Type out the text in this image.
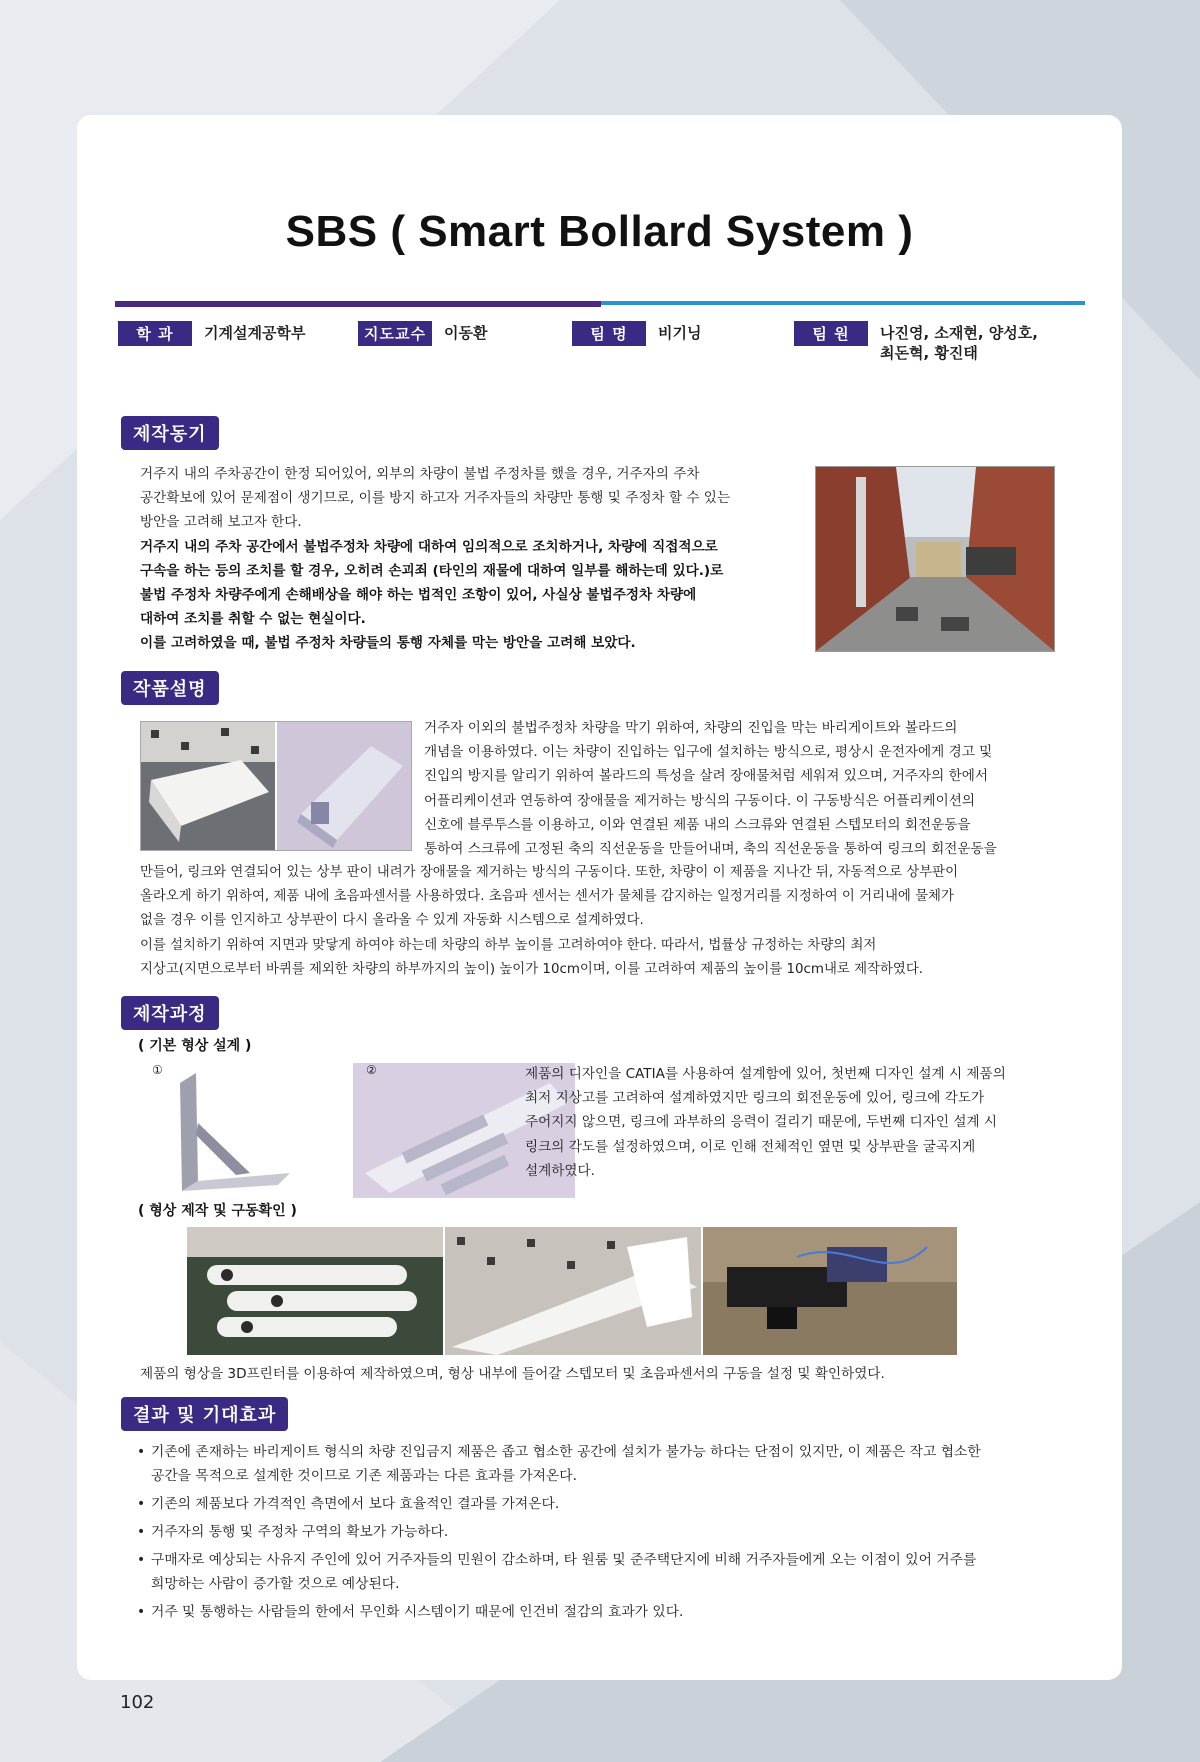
SBS ( Smart Bollard System )
학 과 기계설계공학부	지도교수 이동환	팀 명 비기닝	팀 원 나진영, 소재현, 양성호,
최돈혁, 황진태
제작동기
거주지 내의 주차공간이 한정 되어있어, 외부의 차량이 불법 주정차를 했을 경우, 거주자의 주차
공간확보에 있어 문제점이 생기므로, 이를 방지 하고자 거주자들의 차량만 통행 및 주정차 할 수 있는
방안을 고려해 보고자 한다.
거주지 내의 주차 공간에서 불법주정차 차량에 대하여 임의적으로 조치하거나, 차량에 직접적으로
구속을 하는 등의 조치를 할 경우, 오히려 손괴죄 (타인의 재물에 대하여 일부를 해하는데 있다.)로
불법 주정차 차량주에게 손해배상을 해야 하는 법적인 조항이 있어, 사실상 불법주정차 차량에
대하여 조치를 취할 수 없는 현실이다.
이를 고려하였을 때, 불법 주정차 차량들의 통행 자체를 막는 방안을 고려해 보았다.
작품설명
거주자 이외의 불법주정차 차량을 막기 위하여, 차량의 진입을 막는 바리게이트와 볼라드의
개념을 이용하였다. 이는 차량이 진입하는 입구에 설치하는 방식으로, 평상시 운전자에게 경고 및
진입의 방지를 알리기 위하여 볼라드의 특성을 살려 장애물처럼 세워져 있으며, 거주자의 한에서
어플리케이션과 연동하여 장애물을 제거하는 방식의 구동이다. 이 구동방식은 어플리케이션의
신호에 블루투스를 이용하고, 이와 연결된 제품 내의 스크류와 연결된 스텝모터의 회전운동을
통하여 스크류에 고정된 축의 직선운동을 만들어내며, 축의 직선운동을 통하여 링크의 회전운동을
만들어, 링크와 연결되어 있는 상부 판이 내려가 장애물을 제거하는 방식의 구동이다. 또한, 차량이 이 제품을 지나간 뒤, 자동적으로 상부판이
올라오게 하기 위하여, 제품 내에 초음파센서를 사용하였다. 초음파 센서는 센서가 물체를 감지하는 일정거리를 지정하여 이 거리내에 물체가
없을 경우 이를 인지하고 상부판이 다시 올라올 수 있게 자동화 시스템으로 설계하였다.
이를 설치하기 위하여 지면과 맞닿게 하여야 하는데 차량의 하부 높이를 고려하여야 한다. 따라서, 법률상 규정하는 차량의 최저
지상고(지면으로부터 바퀴를 제외한 차량의 하부까지의 높이) 높이가 10cm이며, 이를 고려하여 제품의 높이를 10cm내로 제작하였다.
제작과정
( 기본 형상 설계 )
①	②	제품의 디자인을 CATIA를 사용하여 설계함에 있어, 첫번째 디자인 설계 시 제품의
최저 지상고를 고려하여 설계하였지만 링크의 회전운동에 있어, 링크에 각도가
주어지지 않으면, 링크에 과부하의 응력이 걸리기 때문에, 두번째 디자인 설계 시
링크의 각도를 설정하였으며, 이로 인해 전체적인 옆면 및 상부판을 굴곡지게
설계하였다.
( 형상 제작 및 구동확인 )
제품의 형상을 3D프린터를 이용하여 제작하였으며, 형상 내부에 들어갈 스텝모터 및 초음파센서의 구동을 설정 및 확인하였다.
결과 및 기대효과
• 기존에 존재하는 바리게이트 형식의 차량 진입금지 제품은 좁고 협소한 공간에 설치가 불가능 하다는 단점이 있지만, 이 제품은 작고 협소한
공간을 목적으로 설계한 것이므로 기존 제품과는 다른 효과를 가져온다.
• 기존의 제품보다 가격적인 측면에서 보다 효율적인 결과를 가져온다.
• 거주자의 통행 및 주정차 구역의 확보가 가능하다.
• 구매자로 예상되는 사유지 주인에 있어 거주자들의 민원이 감소하며, 타 원룸 및 준주택단지에 비해 거주자들에게 오는 이점이 있어 거주를
희망하는 사람이 증가할 것으로 예상된다.
• 거주 및 통행하는 사람들의 한에서 무인화 시스템이기 때문에 인건비 절감의 효과가 있다.
102
